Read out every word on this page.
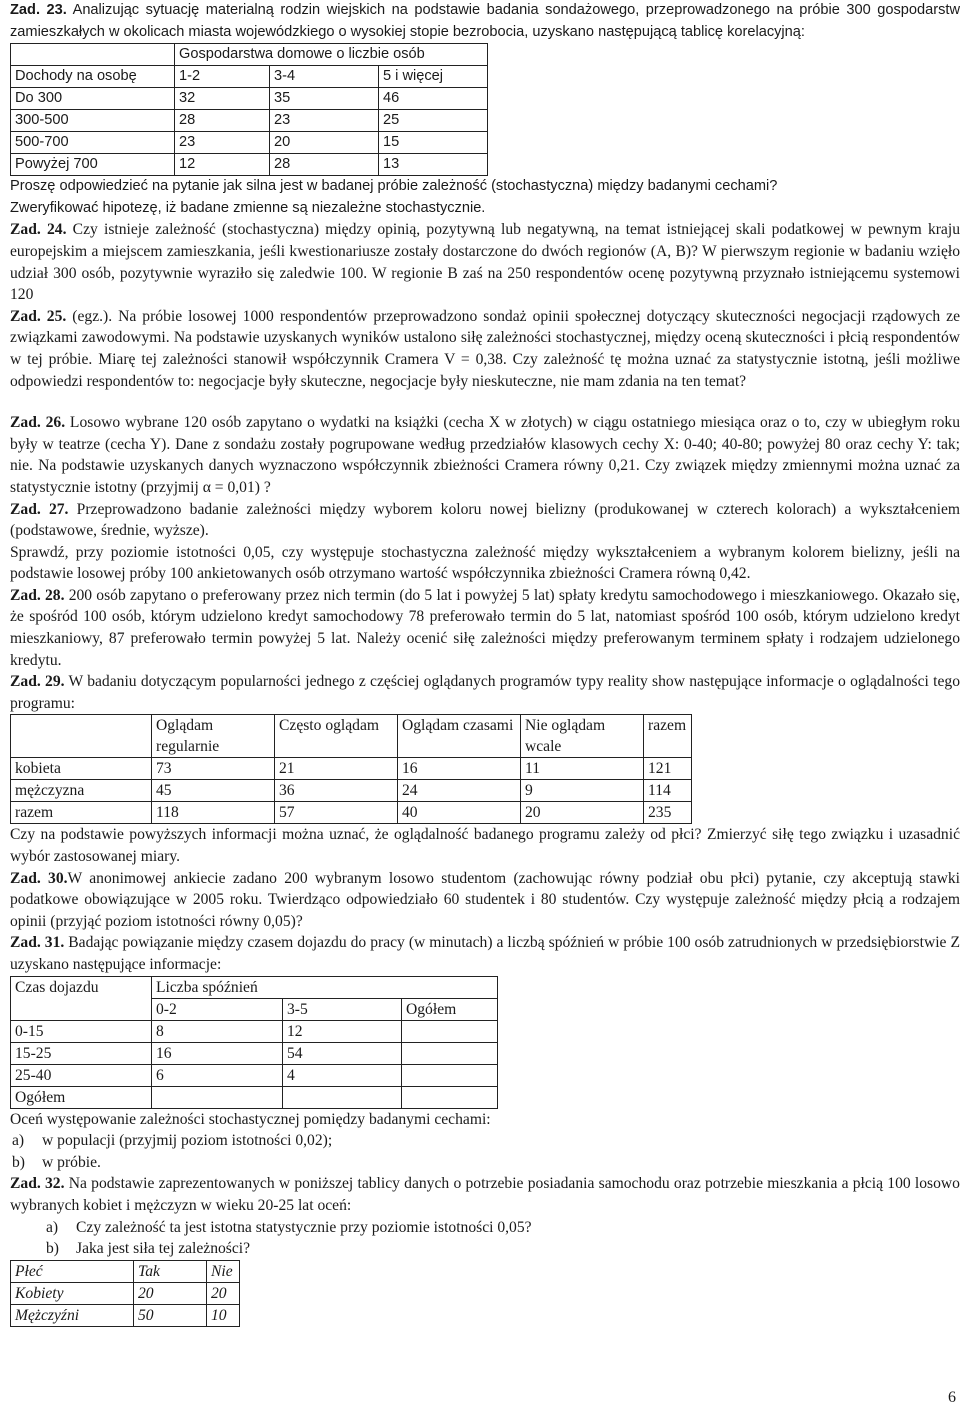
Zad. 23. Analizując sytuację materialną rodzin wiejskich na podstawie badania sondażowego, przeprowadzonego na próbie 300 gospodarstw zamieszkałych w okolicach miasta wojewódzkiego o wysokiej stopie bezrobocia, uzyskano następującą tablicę korelacyjną:

	Gospodarstwa domowe o liczbie osób		
Dochody na osobę	1-2	3-4	5 i więcej
Do 300	32	35	46
300-500	28	23	25
500-700	23	20	15
Powyżej 700	12	28	13

Proszę odpowiedzieć na pytanie jak silna jest w badanej próbie zależność (stochastyczna) między badanymi cechami?

Zweryfikować hipotezę, iż badane zmienne są niezależne stochastycznie.

Zad. 24. Czy istnieje zależność (stochastyczna) między opinią, pozytywną lub negatywną, na temat istniejącej skali podatkowej w pewnym kraju europejskim a miejscem zamieszkania, jeśli kwestionariusze zostały dostarczone do dwóch regionów (A, B)? W pierwszym regionie w badaniu wzięło udział 300 osób, pozytywnie wyraziło się zaledwie 100. W regionie B zaś na 250 respondentów ocenę pozytywną przyznało istniejącemu systemowi 120

Zad. 25. (egz.). Na próbie losowej 1000 respondentów przeprowadzono sondaż opinii społecznej dotyczący skuteczności negocjacji rządowych ze związkami zawodowymi. Na podstawie uzyskanych wyników ustalono siłę zależności stochastycznej, między oceną skuteczności i płcią respondentów w tej próbie. Miarę tej zależności stanowił współczynnik Cramera V = 0,38. Czy zależność tę można uznać za statystycznie istotną, jeśli możliwe odpowiedzi respondentów to: negocjacje były skuteczne, negocjacje były nieskuteczne, nie mam zdania na ten temat?

Zad. 26. Losowo wybrane 120 osób zapytano o wydatki na książki (cecha X w złotych) w ciągu ostatniego miesiąca oraz o to, czy w ubiegłym roku były w teatrze (cecha Y). Dane z sondażu zostały pogrupowane według przedziałów klasowych cechy X: 0-40; 40-80; powyżej 80 oraz cechy Y: tak; nie. Na podstawie uzyskanych danych wyznaczono współczynnik zbieżności Cramera równy 0,21. Czy związek między zmiennymi można uznać za statystycznie istotny (przyjmij α = 0,01) ?

Zad. 27. Przeprowadzono badanie zależności między wyborem koloru nowej bielizny (produkowanej w czterech kolorach) a wykształceniem (podstawowe, średnie, wyższe).

Sprawdź, przy poziomie istotności 0,05, czy występuje stochastyczna zależność między wykształceniem a wybranym kolorem bielizny, jeśli na podstawie losowej próby 100 ankietowanych osób otrzymano wartość współczynnika zbieżności Cramera równą 0,42.

Zad. 28. 200 osób zapytano o preferowany przez nich termin (do 5 lat i powyżej 5 lat) spłaty kredytu samochodowego i mieszkaniowego. Okazało się, że spośród 100 osób, którym udzielono kredyt samochodowy 78 preferowało termin do 5 lat, natomiast spośród 100 osób, którym udzielono kredyt mieszkaniowy, 87 preferowało termin powyżej 5 lat. Należy ocenić siłę zależności między preferowanym terminem spłaty i rodzajem udzielonego kredytu.

Zad. 29. W badaniu dotyczącym popularności jednego z częściej oglądanych programów typy reality show następujące informacje o oglądalności tego programu:

	Oglądam regularnie	Często oglądam	Oglądam czasami	Nie oglądam wcale	razem
kobieta	73	21	16	11	121
mężczyzna	45	36	24	9	114
razem	118	57	40	20	235

Czy na podstawie powyższych informacji można uznać, że oglądalność badanego programu zależy od płci? Zmierzyć siłę tego związku i uzasadnić wybór zastosowanej miary.

Zad. 30.W anonimowej ankiecie zadano 200 wybranym losowo studentom (zachowując równy podział obu płci) pytanie, czy akceptują stawki podatkowe obowiązujące w 2005 roku. Twierdząco odpowiedziało 60 studentek i 80 studentów. Czy występuje zależność między płcią a rodzajem opinii (przyjąć poziom istotności równy 0,05)?

Zad. 31. Badając powiązanie między czasem dojazdu do pracy (w minutach) a liczbą spóźnień w próbie 100 osób zatrudnionych w przedsiębiorstwie Z uzyskano następujące informacje:

Czas dojazdu	Liczba spóźnień		
	0-2	3-5	Ogółem
0-15	8	12	
15-25	16	54	
25-40	6	4	
Ogółem			

Oceń występowanie zależności stochastycznej pomiędzy badanymi cechami:

a) w populacji (przyjmij poziom istotności 0,02);
b) w próbie.

Zad. 32. Na podstawie zaprezentowanych w poniższej tablicy danych o potrzebie posiadania samochodu oraz potrzebie mieszkania a płcią 100 losowo wybranych kobiet i mężczyzn w wieku 20-25 lat oceń:

a) Czy zależność ta jest istotna statystycznie przy poziomie istotności 0,05?
b) Jaka jest siła tej zależności?
Płeć	Tak	Nie
Kobiety	20	20
Mężczyźni	50	10
6
